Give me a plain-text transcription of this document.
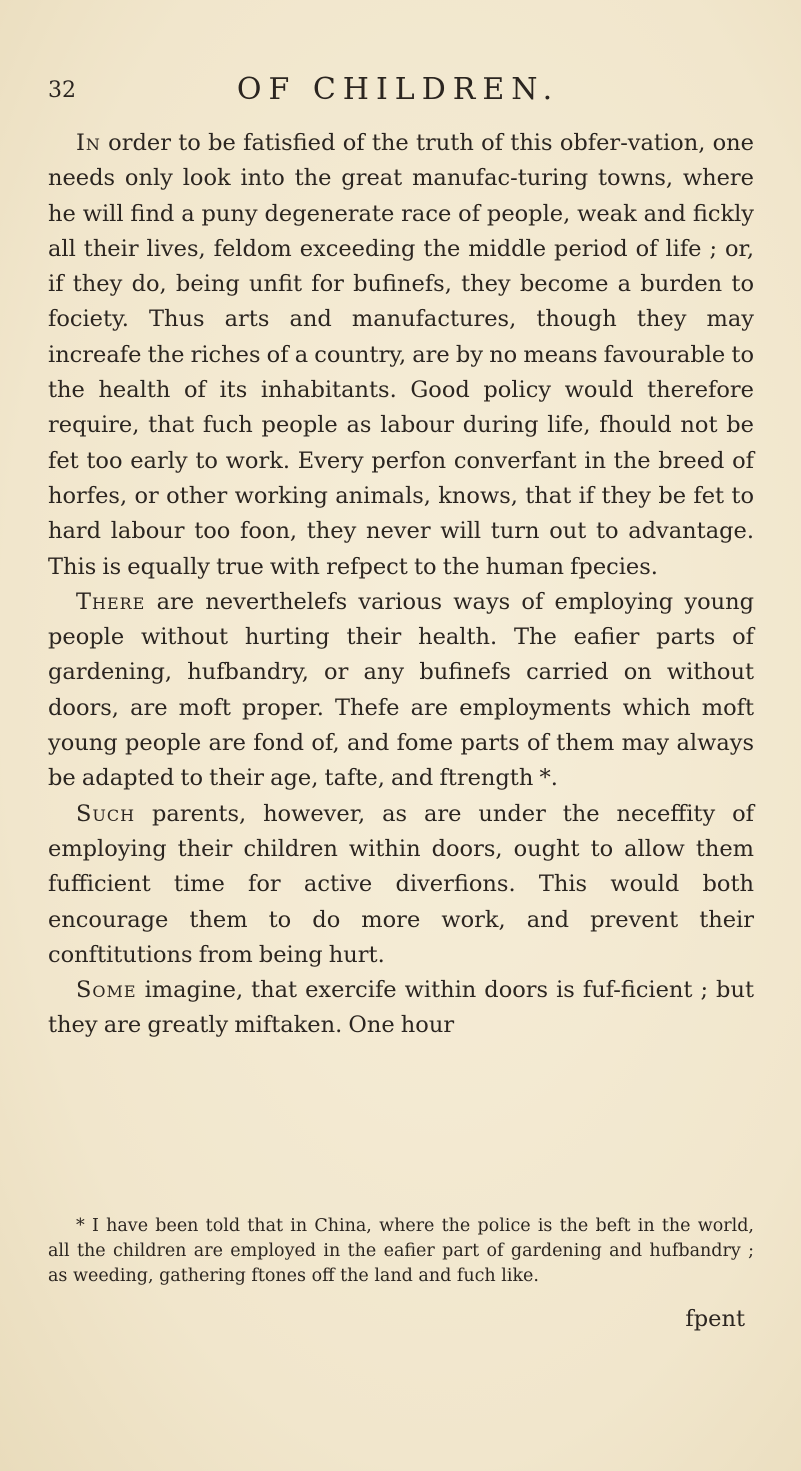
32	OF CHILDREN.

In order to be fatisfied of the truth of this obfer-vation, one needs only look into the great manufac-turing towns, where he will find a puny degenerate race of people, weak and fickly all their lives, feldom exceeding the middle period of life ; or, if they do, being unfit for bufinefs, they become a burden to fociety. Thus arts and manufactures, though they may increafe the riches of a country, are by no means favourable to the health of its inhabitants. Good policy would therefore require, that fuch people as labour during life, fhould not be fet too early to work. Every perfon converfant in the breed of horfes, or other working animals, knows, that if they be fet to hard labour too foon, they never will turn out to advantage. This is equally true with refpect to the human fpecies.

There are neverthelefs various ways of employing young people without hurting their health. The eafier parts of gardening, hufbandry, or any bufinefs carried on without doors, are moft proper. Thefe are employments which moft young people are fond of, and fome parts of them may always be adapted to their age, tafte, and ftrength *.

Such parents, however, as are under the neceffity of employing their children within doors, ought to allow them fufficient time for active diverfions. This would both encourage them to do more work, and prevent their conftitutions from being hurt.

Some imagine, that exercife within doors is fuf-ficient ; but they are greatly miftaken. One hour

* I have been told that in China, where the police is the beft in the world, all the children are employed in the eafier part of gardening and hufbandry ; as weeding, gathering ftones off the land and fuch like.

fpent
